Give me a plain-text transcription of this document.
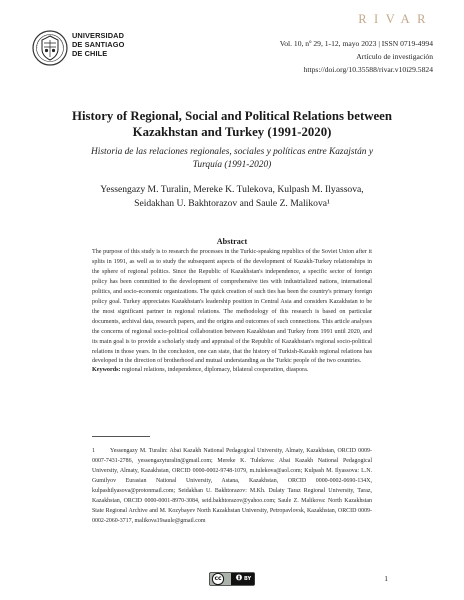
UNIVERSIDAD
DE SANTIAGO
DE CHILE
RIVAR
Vol. 10, nº 29, 1-12, mayo 2023 | ISSN 0719-4994
Artículo de investigación
https://doi.org/10.35588/rivar.v10i29.5824
History of Regional, Social and Political Relations between Kazakhstan and Turkey (1991-2020)
Historia de las relaciones regionales, sociales y políticas entre Kazajstán y Turquía (1991-2020)
Yessengazy M. Turalin, Mereke K. Tulekova, Kulpash M. Ilyassova, Seidakhan U. Bakhtorazov and Saule Z. Malikova¹
Abstract
The purpose of this study is to research the processes in the Turkic-speaking republics of the Soviet Union after it splits in 1991, as well as to study the subsequent aspects of the development of Kazakh-Turkey relationships in the sphere of regional politics. Since the Republic of Kazakhstan's independence, a specific sector of foreign policy has been committed to the development of comprehensive ties with industrialized nations, international politics, and socio-economic organizations. The quick creation of such ties has been the country's primary foreign policy goal. Turkey appreciates Kazakhstan's leadership position in Central Asia and considers Kazakhstan to be the most significant partner in regional relations. The methodology of this research is based on particular documents, archival data, research papers, and the origins and outcomes of such connections. This article analyses the concerns of regional socio-political collaboration between Kazakhstan and Turkey from 1991 until 2020, and its main goal is to provide a scholarly study and appraisal of the Republic of Kazakhstan's regional socio-political relations in those years. In the conclusion, one can state, that the history of Turkish-Kazakh regional relations has developed in the direction of brotherhood and mutual understanding as the Turkic people of the two countries.
Keywords: regional relations, independence, diplomacy, bilateral cooperation, diaspora.
1	Yessengazy M. Turalin: Abai Kazakh National Pedagogical University, Almaty, Kazakhstan, ORCID 0009-0007-7431-2786, yessengazyturalin@gmail.com; Mereke K. Tulekova: Abai Kazakh National Pedagogical University, Almaty, Kazakhstan, ORCID 0000-0002-9748-1079, m.tulekova@aol.com; Kulpash M. Ilyassova: L.N. Gumilyov Eurasian National University, Astana, Kazakhstan, ORCID 0000-0002-0690-134X, kulpashilyasova@protonmail.com; Seidakhan U. Bakhtorazov: M.Kh. Dulaty Taraz Regional University, Taraz, Kazakhstan, ORCID 0000-0001-8970-3084, seid.bakhtorazov@yahoo.com; Saule Z. Malikova: North Kazakhstan State Regional Archive and M. Kozybayev North Kazakhstan University, Petropavlovsk, Kazakhstan, ORCID 0009-0002-2060-3717, malikova19saule@gmail.com
cc	BY	1
